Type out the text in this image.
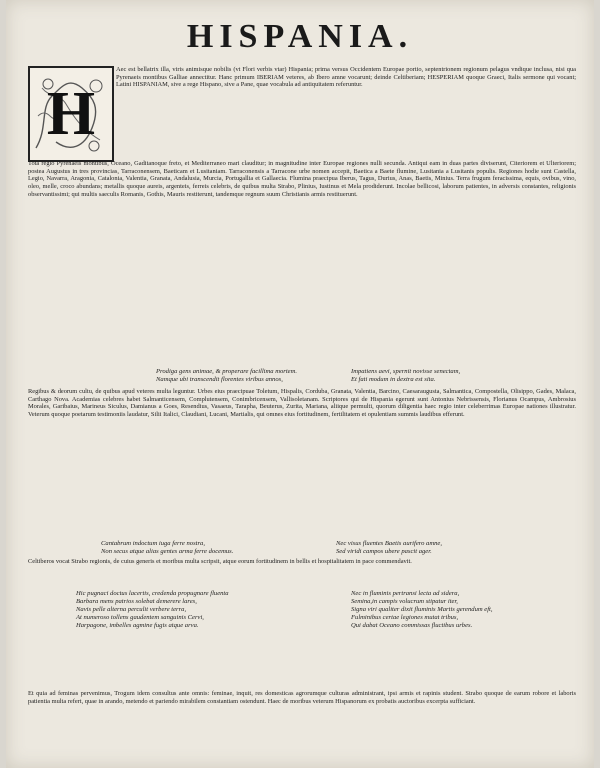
HISPANIA.
H
Aec est bellatrix illa, viris animisque nobilis (vt Flori verbis vtar) Hispania; prima versus Occidentem Europae portio, septentrionem regionum pelagus vndique inclusa, nisi qua Pyrenaeis montibus Galliae annectitur. Hanc primum IBERIAM veteres, ab Ibero amne vocarunt; deinde Celtiberiam; HESPERIAM quoque Graeci, Italis sermone qui vocant; Latini HISPANIAM, sive a rege Hispano, sive a Pane, quae vocabula ad antiquitatem referuntur.
Tota regio Pyrenaeis montibus, Oceano, Gaditanoque freto, et Mediterraneo mari clauditur; in magnitudine inter Europae regiones nulli secunda. Antiqui eam in duas partes diviserunt, Citeriorem et Ulteriorem; postea Augustus in tres provincias, Tarraconensem, Baeticam et Lusitaniam. Tarraconensis a Tarracone urbe nomen accepit, Baetica a Baete flumine, Lusitania a Lusitanis populis. Regiones hodie sunt Castella, Legio, Navarra, Aragonia, Catalonia, Valentia, Granata, Andalusia, Murcia, Portugallia et Gallaecia. Flumina praecipua Iberus, Tagus, Durius, Anas, Baetis, Minius. Terra frugum feracissima, equis, ovibus, vino, oleo, melle, croco abundans; metallis quoque aureis, argenteis, ferreis celebris, de quibus multa Strabo, Plinius, Iustinus et Mela prodiderunt. Incolae bellicosi, laborum patientes, in adversis constantes, religionis observantissimi; qui multis saeculis Romanis, Gothis, Mauris restiterunt, tandemque regnum suum Christianis armis restituerunt.
Prodiga gens animae, & properare facillima mortem.
Namque ubi transcendit florentes viribus annos,
Impatiens aevi, spernit novisse senectam,
Et fati modum in dextra est sita.
Regibus & deorum cultu, de quibus apud veteres multa leguntur. Urbes eius praecipuae Toletum, Hispalis, Corduba, Granata, Valentia, Barcino, Caesaraugusta, Salmantica, Compostella, Olisippo, Gades, Malaca, Carthago Nova. Academias celebres habet Salmanticensem, Complutensem, Conimbricensem, Vallisoletanam. Scriptores qui de Hispania egerunt sunt Antonius Nebrissensis, Florianus Ocampus, Ambrosius Morales, Garibaius, Marineus Siculus, Damianus a Goes, Resendius, Vasaeus, Tarapha, Beuterus, Zurita, Mariana, aliique permulti, quorum diligentia haec regio inter celeberrimas Europae nationes illustratur. Veterum quoque poetarum testimoniis laudatur, Silii Italici, Claudiani, Lucani, Martialis, qui omnes eius fortitudinem, fertilitatem et opulentiam summis laudibus efferunt.
Cantabrum indoctum iuga ferre nostra,
Non secus atque alias gentes arma ferre docemus.
Nec visus fluentes Baetis aurifero amne,
Sed viridi campos ubere pascit ager.
Celtiberos vocat Strabo regionis, de cuius generis et moribus multa scripsit, atque eorum fortitudinem in bellis et hospitalitatem in pace commendavit.
Hic pugnaci doctus lacertis, credenda propugnare fluenta
Barbara mens patrios solebat demerere lares,
Navis pelle alterna perculit verbere terra,
At numeroso tollens gaudentem sanguinis Cervi,
Harpagone, imbelles agmine fugis atque arva.
Nec in fluminis pertransi lecta ad sidera,
Semina,in campis volucrum stipatur iter,
Signa viri qualiter dixit fluminis Martis gerendum eft,
Fulminibus certae legiones mutat tribus,
Qui dabat Oceano commissas fluctibus urbes.
Et quia ad feminas pervenimus, Trogum idem consultus ante omnis: feminae, inquit, res domesticas agrorumque culturas administrant, ipsi armis et rapinis student. Strabo quoque de earum robore et laboris patientia multa refert, quae in arando, metendo et pariendo mirabilem constantiam ostendunt. Haec de moribus veterum Hispanorum ex probatis auctoribus excerpta sufficiant.
